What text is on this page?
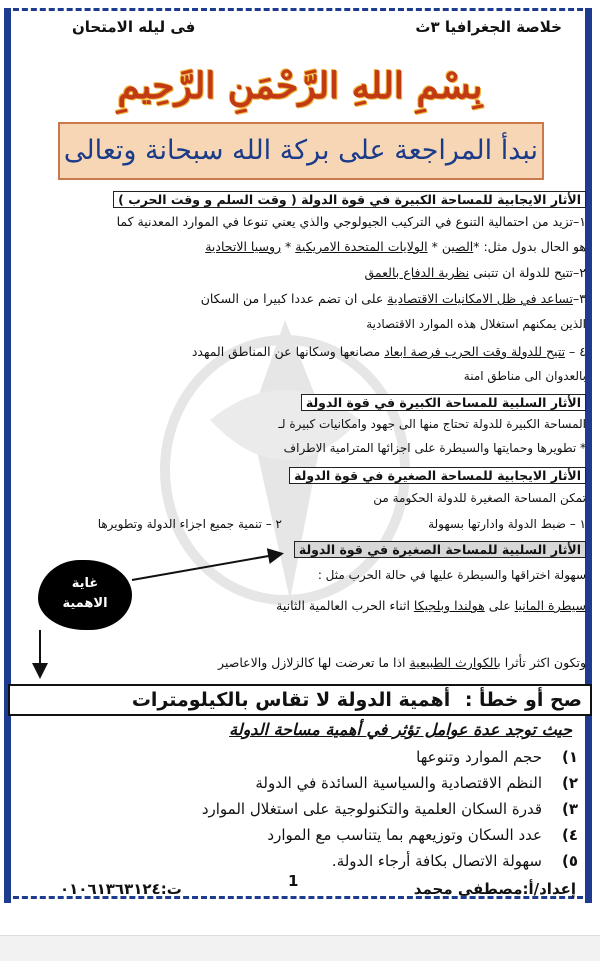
خلاصة الجغرافيا ٣ث
فى ليله الامتحان
بِسْمِ اللهِ الرَّحْمَنِ الرَّحِيمِ
نبدأ المراجعة على بركة الله سبحانة وتعالى
الأثار الايجابية للمساحة الكبيرة في قوة الدولة ( وقت السلم و وقت الحرب )
١–تزيد من احتمالية التنوع في التركيب الجيولوجي والذي يعني تنوعا في الموارد المعدنية كما
هو الحال بدول مثل: *الصين * الولايات المتحدة الامريكية * روسيا الاتحادية
٢–تتيح للدولة ان تتبنى نظرية الدفاع بالعمق
٣–تساعد في ظل الامكانيات الاقتصادية على ان تضم عددا كبيرا من السكان
الذين يمكنهم استغلال هذه الموارد الاقتصادية
٤ – تتيح للدولة وقت الحرب فرصة ابعاد مصانعها وسكانها عن المناطق المهدد
بالعدوان الى مناطق امنة
الأثار السلبية للمساحة الكبيرة في قوة الدولة
المساحة الكبيرة للدولة تحتاج منها الى جهود وامكانيات كبيرة لـ
* تطويرها وحمايتها والسيطرة على اجزائها المترامية الاطراف
الأثار الايجابية للمساحة الصغيرة في قوة الدولة
تمكن المساحة الصغيرة للدولة الحكومة من
١ – ضبط الدولة وادارتها بسهولة
٢ – تنمية جميع اجزاء الدولة وتطويرها
الأثار السلبية للمساحة الصغيرة في قوة الدولة
سهولة اختراقها والسيطرة عليها في حالة الحرب مثل :
سيطرة المانيا على هولندا وبلجيكا اثناء الحرب العالمية الثانية
وتكون اكثر تأثرا بالكوارث الطبيعية اذا ما تعرضت لها كالزلازل والاعاصير
غاية
الاهمية
صح أو خطأ : أهمية الدولة لا تقاس بالكيلومترات
حيث توجد عدة عوامل تؤثر في أهمية مساحة الدولة
١)حجم الموارد وتنوعها
٢)النظم الاقتصادية والسياسية السائدة في الدولة
٣)قدرة السكان العلمية والتكنولوجية على استغلال الموارد
٤)عدد السكان وتوزيعهم بما يتناسب مع الموارد
٥)سهولة الاتصال بكافة أرجاء الدولة.
إعداد/أ:مصطفى محمد
1
ت:٠١٠٦١٣٦٣١٢٤
